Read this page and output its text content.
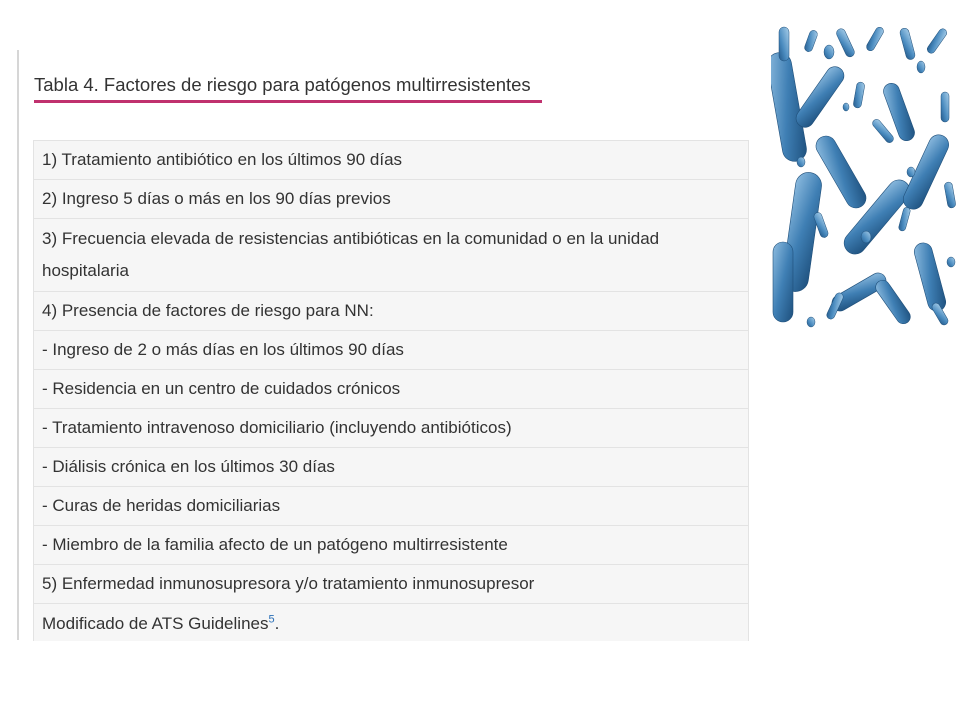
Tabla 4. Factores de riesgo para patógenos multirresistentes
1) Tratamiento antibiótico en los últimos 90 días
2) Ingreso 5 días o más en los 90 días previos
3) Frecuencia elevada de resistencias antibióticas en la comunidad o en la unidad hospitalaria
4) Presencia de factores de riesgo para NN:
- Ingreso de 2 o más días en los últimos 90 días
- Residencia en un centro de cuidados crónicos
- Tratamiento intravenoso domiciliario (incluyendo antibióticos)
- Diálisis crónica en los últimos 30 días
- Curas de heridas domiciliarias
- Miembro de la familia afecto de un patógeno multirresistente
5) Enfermedad inmunosupresora y/o tratamiento inmunosupresor
Modificado de ATS Guidelines$^5$.
